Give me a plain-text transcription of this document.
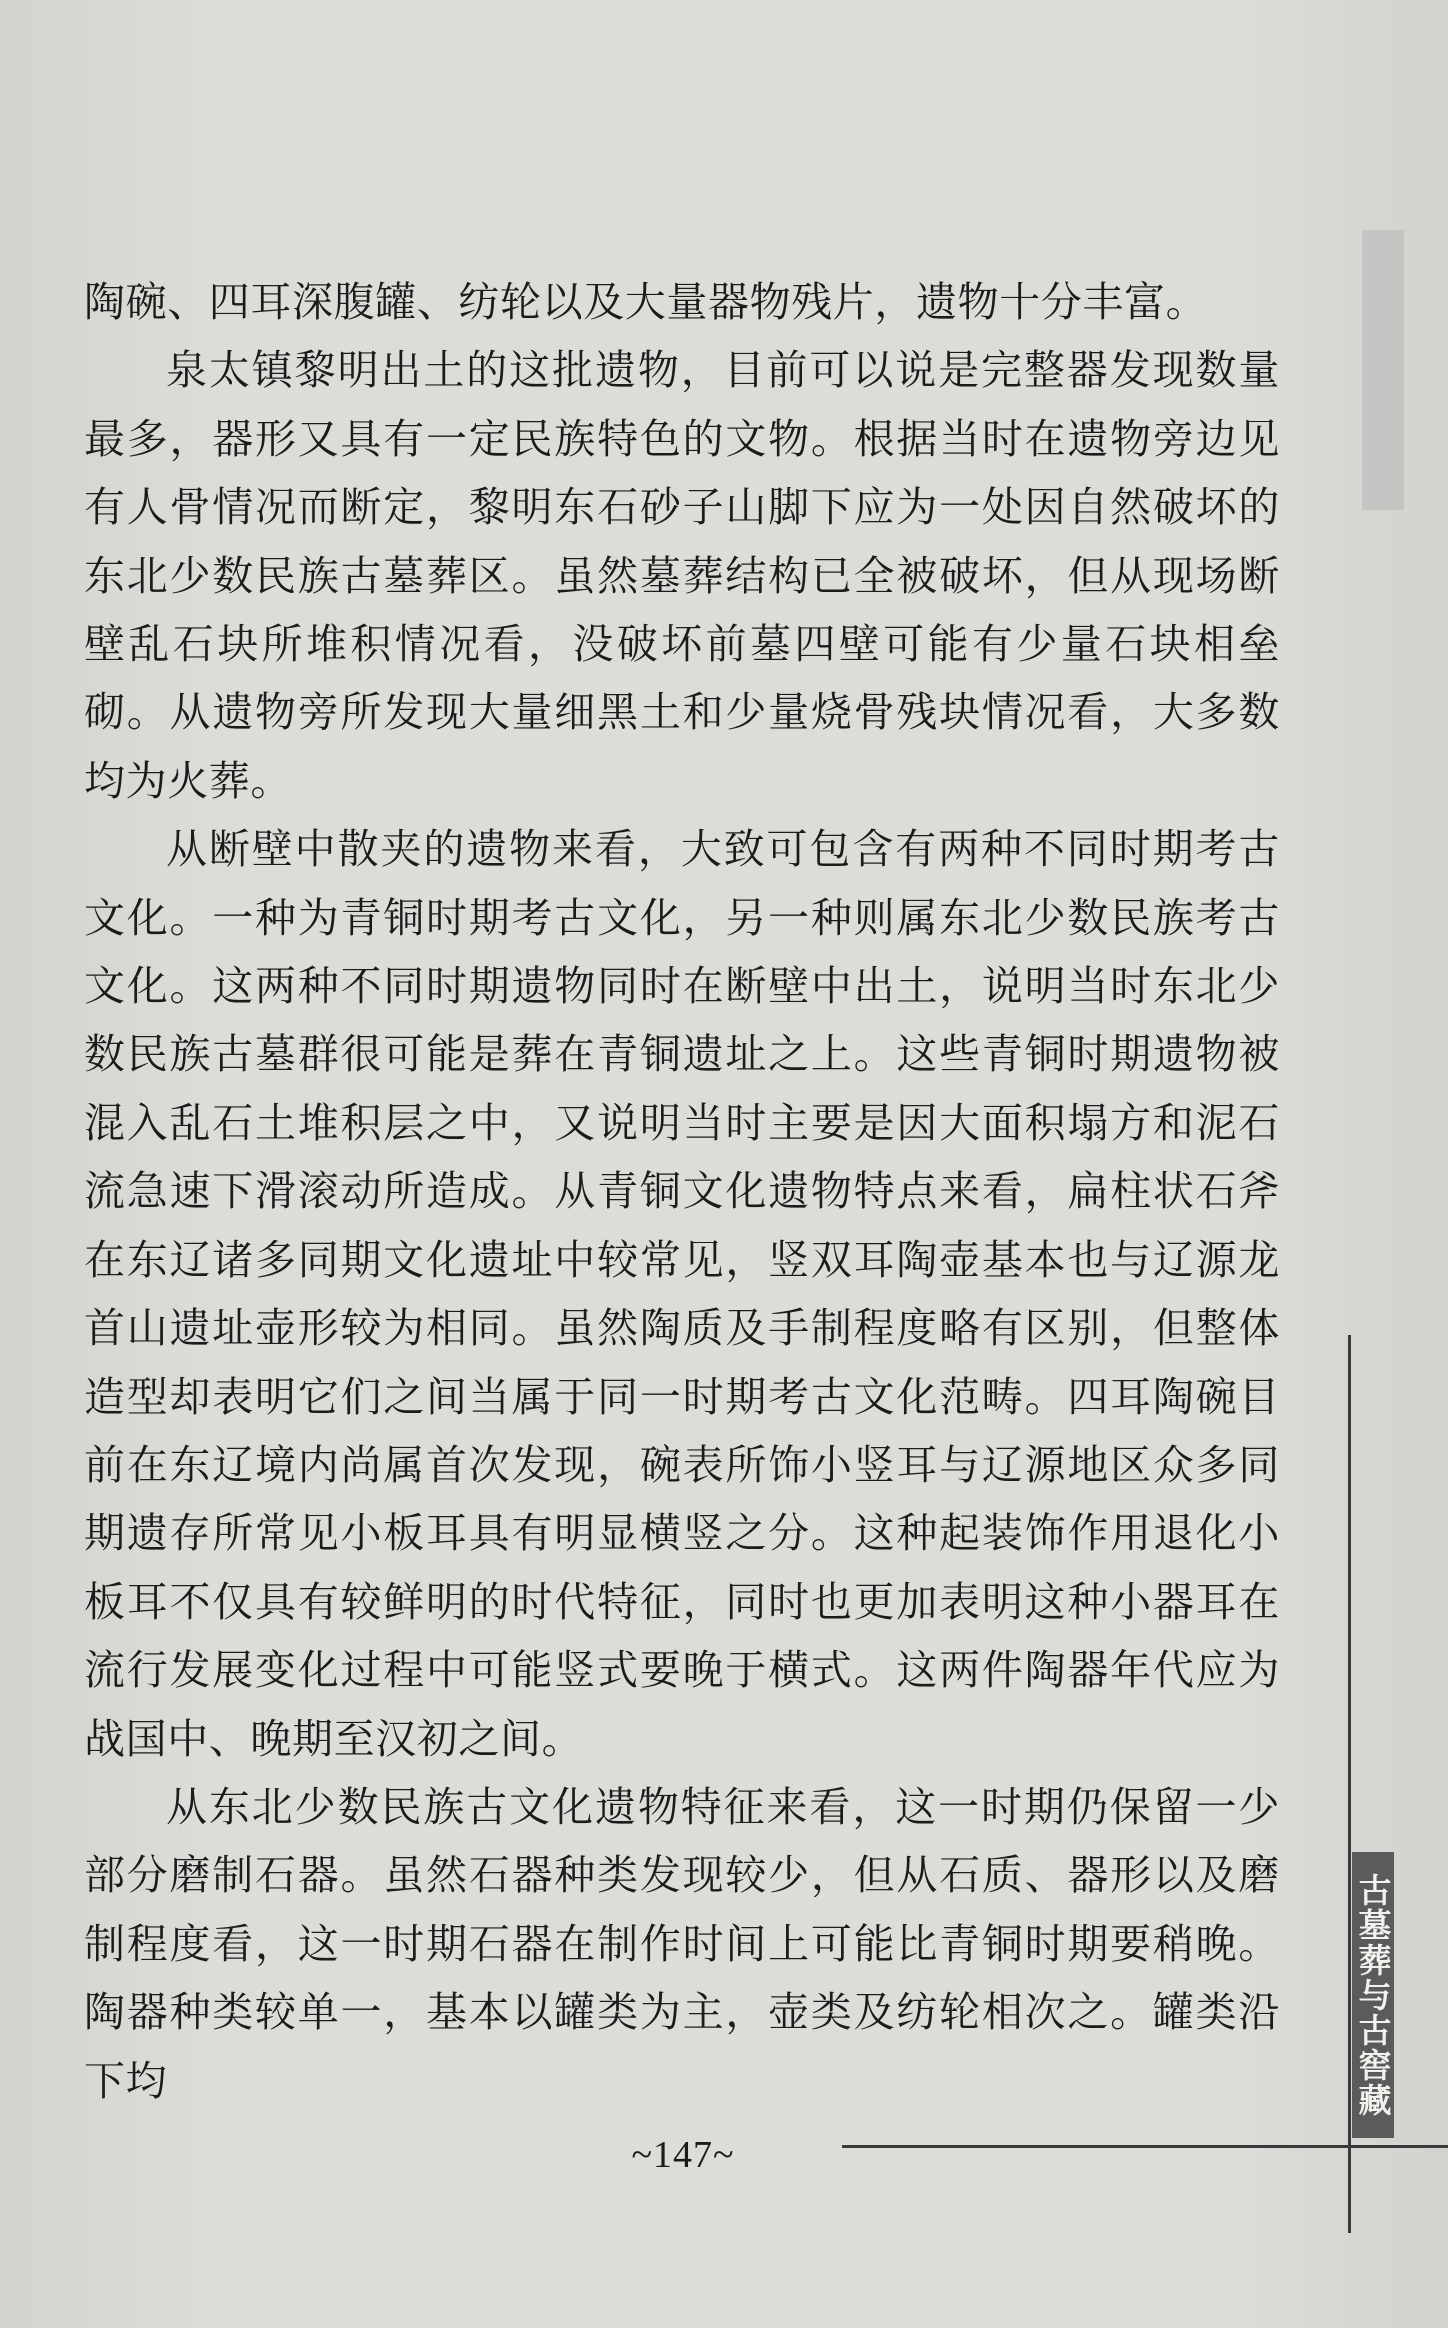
陶碗、四耳深腹罐、纺轮以及大量器物残片，遗物十分丰富。

泉太镇黎明出土的这批遗物，目前可以说是完整器发现数量最多，器形又具有一定民族特色的文物。根据当时在遗物旁边见有人骨情况而断定，黎明东石砂子山脚下应为一处因自然破坏的东北少数民族古墓葬区。虽然墓葬结构已全被破坏，但从现场断壁乱石块所堆积情况看，没破坏前墓四壁可能有少量石块相垒砌。从遗物旁所发现大量细黑土和少量烧骨残块情况看，大多数均为火葬。

从断壁中散夹的遗物来看，大致可包含有两种不同时期考古文化。一种为青铜时期考古文化，另一种则属东北少数民族考古文化。这两种不同时期遗物同时在断壁中出土，说明当时东北少数民族古墓群很可能是葬在青铜遗址之上。这些青铜时期遗物被混入乱石土堆积层之中，又说明当时主要是因大面积塌方和泥石流急速下滑滚动所造成。从青铜文化遗物特点来看，扁柱状石斧在东辽诸多同期文化遗址中较常见，竖双耳陶壶基本也与辽源龙首山遗址壶形较为相同。虽然陶质及手制程度略有区别，但整体造型却表明它们之间当属于同一时期考古文化范畴。四耳陶碗目前在东辽境内尚属首次发现，碗表所饰小竖耳与辽源地区众多同期遗存所常见小板耳具有明显横竖之分。这种起装饰作用退化小板耳不仅具有较鲜明的时代特征，同时也更加表明这种小器耳在流行发展变化过程中可能竖式要晚于横式。这两件陶器年代应为战国中、晚期至汉初之间。

从东北少数民族古文化遗物特征来看，这一时期仍保留一少部分磨制石器。虽然石器种类发现较少，但从石质、器形以及磨制程度看，这一时期石器在制作时间上可能比青铜时期要稍晚。陶器种类较单一，基本以罐类为主，壶类及纺轮相次之。罐类沿下均	古墓葬与古窖藏
~147~
